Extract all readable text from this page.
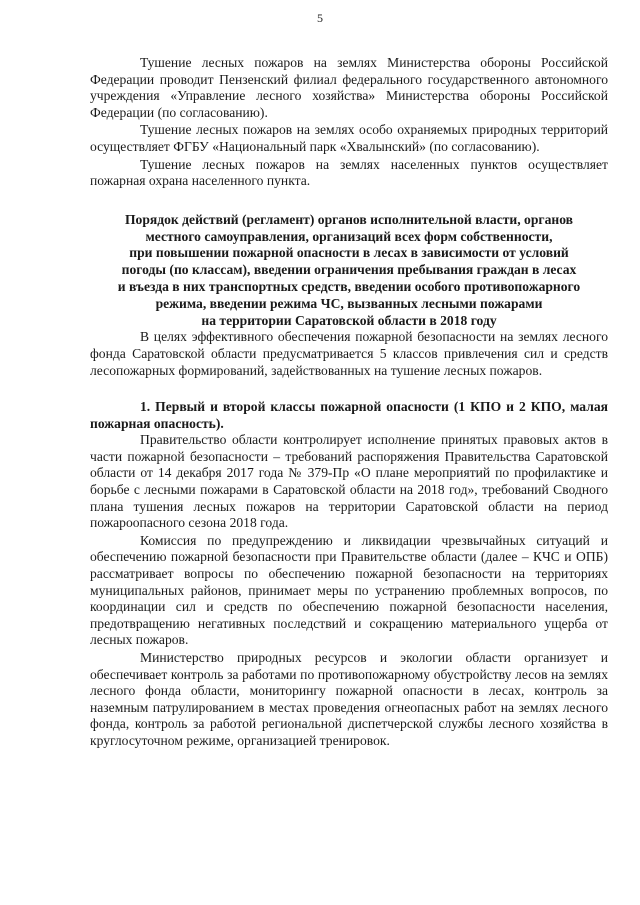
5

Тушение лесных пожаров на землях Министерства обороны Российской Федерации проводит Пензенский филиал федерального государственного автономного учреждения «Управление лесного хозяйства» Министерства обороны Российской Федерации (по согласованию).

Тушение лесных пожаров на землях особо охраняемых природных территорий осуществляет ФГБУ «Национальный парк «Хвалынский» (по согласованию).

Тушение лесных пожаров на землях населенных пунктов осуществляет пожарная охрана населенного пункта.

Порядок действий (регламент) органов исполнительной власти, органов
местного самоуправления, организаций всех форм собственности,
при повышении пожарной опасности в лесах в зависимости от условий
погоды (по классам), введении ограничения пребывания граждан в лесах
и въезда в них транспортных средств, введении особого противопожарного
режима, введении режима ЧС, вызванных лесными пожарами
на территории Саратовской области в 2018 году

В целях эффективного обеспечения пожарной безопасности на землях лесного фонда Саратовской области предусматривается 5 классов привлечения сил и средств лесопожарных формирований, задействованных на тушение лесных пожаров.

1. Первый и второй классы пожарной опасности (1 КПО и 2 КПО, малая пожарная опасность).

Правительство области контролирует исполнение принятых правовых актов в части пожарной безопасности – требований распоряжения Правительства Саратовской области от 14 декабря 2017 года № 379-Пр «О плане мероприятий по профилактике и борьбе с лесными пожарами в Саратовской области на 2018 год», требований Сводного плана тушения лесных пожаров на территории Саратовской области на период пожароопасного сезона 2018 года.

Комиссия по предупреждению и ликвидации чрезвычайных ситуаций и обеспечению пожарной безопасности при Правительстве области (далее – КЧС и ОПБ) рассматривает вопросы по обеспечению пожарной безопасности на территориях муниципальных районов, принимает меры по устранению проблемных вопросов, по координации сил и средств по обеспечению пожарной безопасности населения, предотвращению негативных последствий и сокращению материального ущерба от лесных пожаров.

Министерство природных ресурсов и экологии области организует и обеспечивает контроль за работами по противопожарному обустройству лесов на землях лесного фонда области, мониторингу пожарной опасности в лесах, контроль за наземным патрулированием в местах проведения огнеопасных работ на землях лесного фонда, контроль за работой региональной диспетчерской службы лесного хозяйства в круглосуточном режиме, организацией тренировок.
